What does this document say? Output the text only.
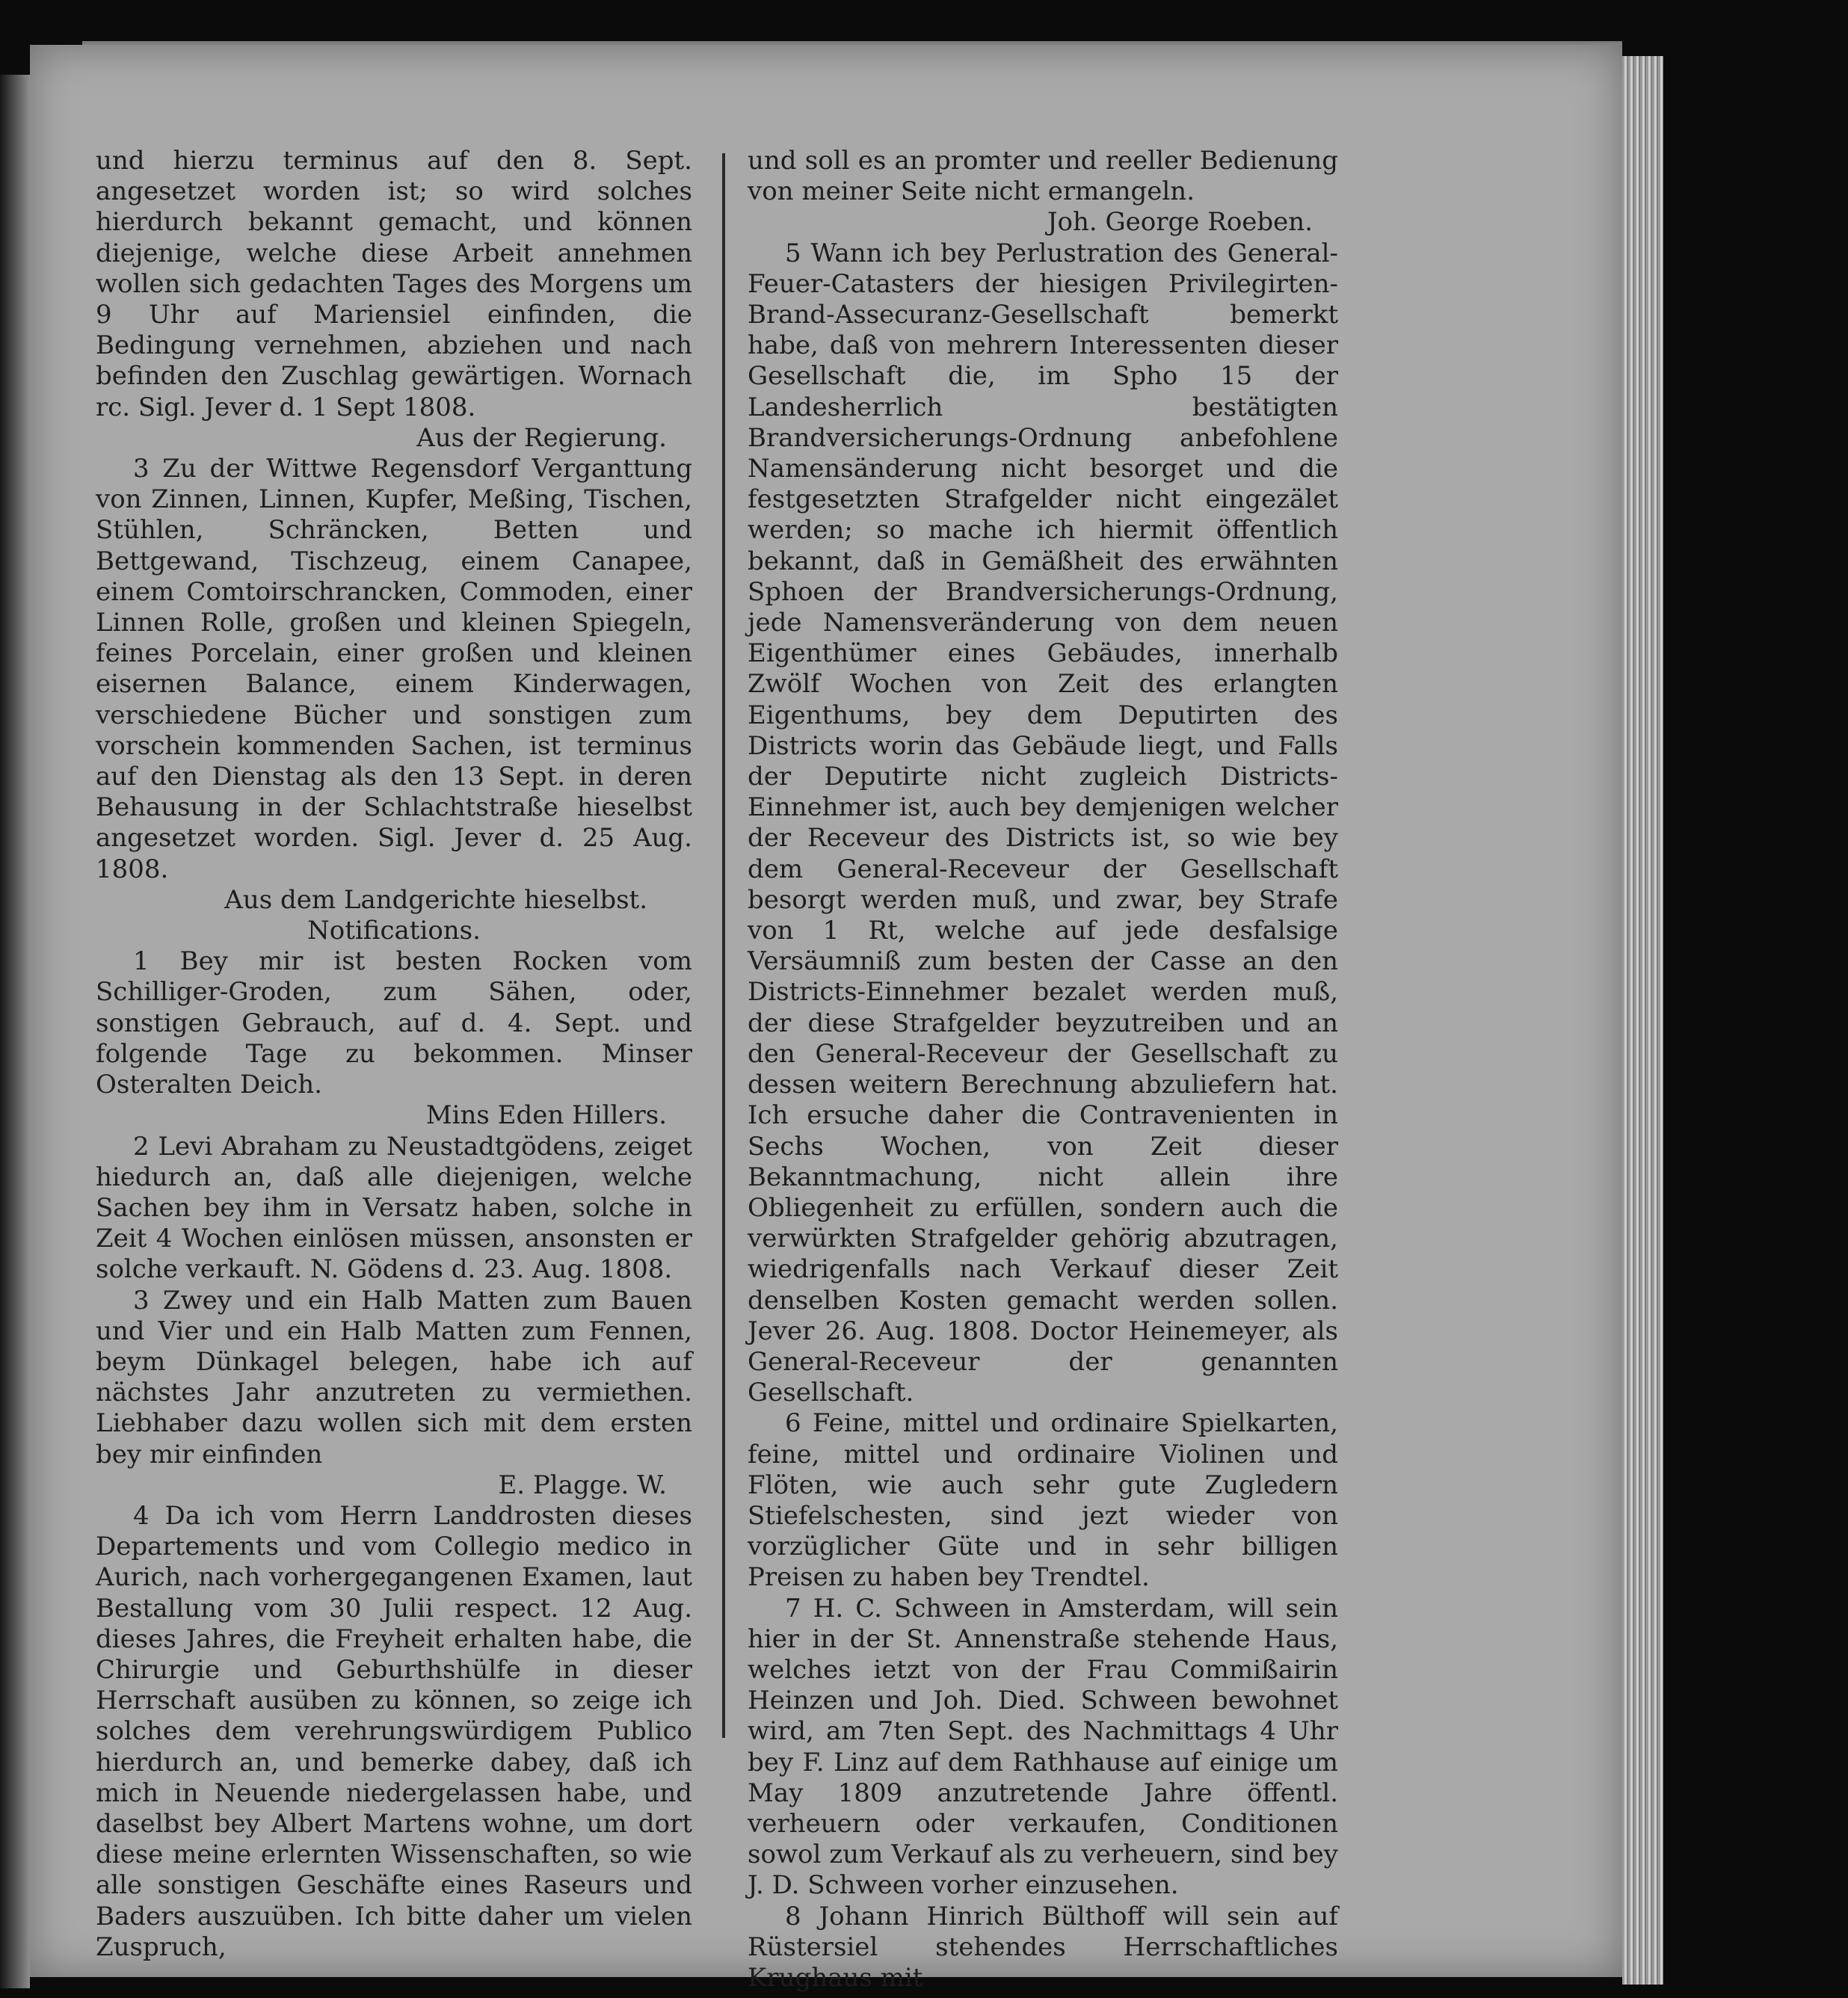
und hierzu terminus auf den 8. Sept. angesetzet worden ist; so wird solches hierdurch bekannt gemacht, und können diejenige, welche diese Arbeit annehmen wollen sich gedachten Tages des Morgens um 9 Uhr auf Mariensiel einfinden, die Bedingung vernehmen, abziehen und nach befinden den Zuschlag gewärtigen. Wornach rc. Sigl. Jever d. 1 Sept 1808.

Aus der Regierung.

3 Zu der Wittwe Regensdorf Verganttung von Zinnen, Linnen, Kupfer, Meßing, Tischen, Stühlen, Schräncken, Betten und Bettgewand, Tischzeug, einem Canapee, einem Comtoirschrancken, Commoden, einer Linnen Rolle, großen und kleinen Spiegeln, feines Porcelain, einer großen und kleinen eisernen Balance, einem Kinderwagen, verschiedene Bücher und sonstigen zum vorschein kommenden Sachen, ist terminus auf den Dienstag als den 13 Sept. in deren Behausung in der Schlachtstraße hieselbst angesetzet worden. Sigl. Jever d. 25 Aug. 1808.

Aus dem Landgerichte hieselbst.

Notifications.

1 Bey mir ist besten Rocken vom Schilliger-Groden, zum Sähen, oder, sonstigen Gebrauch, auf d. 4. Sept. und folgende Tage zu bekommen. Minser Osteralten Deich.

Mins Eden Hillers.

2 Levi Abraham zu Neustadtgödens, zeiget hiedurch an, daß alle diejenigen, welche Sachen bey ihm in Versatz haben, solche in Zeit 4 Wochen einlösen müssen, ansonsten er solche verkauft. N. Gödens d. 23. Aug. 1808.

3 Zwey und ein Halb Matten zum Bauen und Vier und ein Halb Matten zum Fennen, beym Dünkagel belegen, habe ich auf nächstes Jahr anzutreten zu vermiethen. Liebhaber dazu wollen sich mit dem ersten bey mir einfinden

E. Plagge. W.

4 Da ich vom Herrn Landdrosten dieses Departements und vom Collegio medico in Aurich, nach vorhergegangenen Examen, laut Bestallung vom 30 Julii respect. 12 Aug. dieses Jahres, die Freyheit erhalten habe, die Chirurgie und Geburthshülfe in dieser Herrschaft ausüben zu können, so zeige ich solches dem verehrungswürdigem Publico hierdurch an, und bemerke dabey, daß ich mich in Neuende niedergelassen habe, und daselbst bey Albert Martens wohne, um dort diese meine erlernten Wissenschaften, so wie alle sonstigen Geschäfte eines Raseurs und Baders auszuüben. Ich bitte daher um vielen Zuspruch,

und soll es an promter und reeller Bedienung von meiner Seite nicht ermangeln.

Joh. George Roeben.

5 Wann ich bey Perlustration des General-Feuer-Catasters der hiesigen Privilegirten-Brand-Assecuranz-Gesellschaft bemerkt habe, daß von mehrern Interessenten dieser Gesellschaft die, im Spho 15 der Landesherrlich bestätigten Brandversicherungs-Ordnung anbefohlene Namensänderung nicht besorget und die festgesetzten Strafgelder nicht eingezälet werden; so mache ich hiermit öffentlich bekannt, daß in Gemäßheit des erwähnten Sphoen der Brandversicherungs-Ordnung, jede Namensveränderung von dem neuen Eigenthümer eines Gebäudes, innerhalb Zwölf Wochen von Zeit des erlangten Eigenthums, bey dem Deputirten des Districts worin das Gebäude liegt, und Falls der Deputirte nicht zugleich Districts-Einnehmer ist, auch bey demjenigen welcher der Receveur des Districts ist, so wie bey dem General-Receveur der Gesellschaft besorgt werden muß, und zwar, bey Strafe von 1 Rt, welche auf jede desfalsige Versäumniß zum besten der Casse an den Districts-Einnehmer bezalet werden muß, der diese Strafgelder beyzutreiben und an den General-Receveur der Gesellschaft zu dessen weitern Berechnung abzuliefern hat. Ich ersuche daher die Contravenienten in Sechs Wochen, von Zeit dieser Bekanntmachung, nicht allein ihre Obliegenheit zu erfüllen, sondern auch die verwürkten Strafgelder gehörig abzutragen, wiedrigenfalls nach Verkauf dieser Zeit denselben Kosten gemacht werden sollen. Jever 26. Aug. 1808. Doctor Heinemeyer, als General-Receveur der genannten Gesellschaft.

6 Feine, mittel und ordinaire Spielkarten, feine, mittel und ordinaire Violinen und Flöten, wie auch sehr gute Zugledern Stiefelschesten, sind jezt wieder von vorzüglicher Güte und in sehr billigen Preisen zu haben bey Trendtel.

7 H. C. Schween in Amsterdam, will sein hier in der St. Annenstraße stehende Haus, welches ietzt von der Frau Commißairin Heinzen und Joh. Died. Schween bewohnet wird, am 7ten Sept. des Nachmittags 4 Uhr bey F. Linz auf dem Rathhause auf einige um May 1809 anzutretende Jahre öffentl. verheuern oder verkaufen, Conditionen sowol zum Verkauf als zu verheuern, sind bey J. D. Schween vorher einzusehen.

8 Johann Hinrich Bülthoff will sein auf Rüstersiel stehendes Herrschaftliches Krughaus mit
